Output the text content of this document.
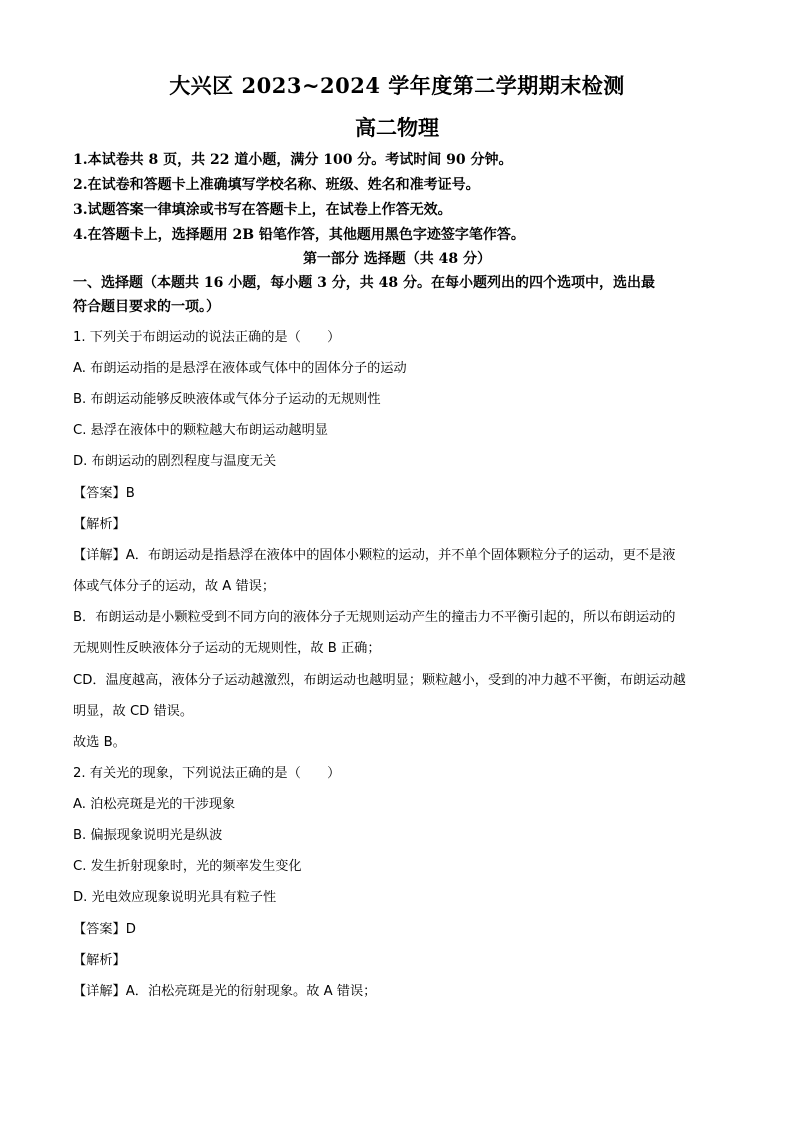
大兴区 2023~2024 学年度第二学期期末检测
高二物理
1.本试卷共 8 页，共 22 道小题，满分 100 分。考试时间 90 分钟。
2.在试卷和答题卡上准确填写学校名称、班级、姓名和准考证号。
3.试题答案一律填涂或书写在答题卡上，在试卷上作答无效。
4.在答题卡上，选择题用 2B 铅笔作答，其他题用黑色字迹签字笔作答。
第一部分 选择题（共 48 分）
一、选择题（本题共 16 小题，每小题 3 分，共 48 分。在每小题列出的四个选项中，选出最
符合题目要求的一项。）
1. 下列关于布朗运动的说法正确的是（　　）
A. 布朗运动指的是悬浮在液体或气体中的固体分子的运动
B. 布朗运动能够反映液体或气体分子运动的无规则性
C. 悬浮在液体中的颗粒越大布朗运动越明显
D. 布朗运动的剧烈程度与温度无关
【答案】B
【解析】
【详解】A．布朗运动是指悬浮在液体中的固体小颗粒的运动，并不单个固体颗粒分子的运动，更不是液
体或气体分子的运动，故 A 错误；
B．布朗运动是小颗粒受到不同方向的液体分子无规则运动产生的撞击力不平衡引起的，所以布朗运动的
无规则性反映液体分子运动的无规则性，故 B 正确；
CD．温度越高，液体分子运动越激烈，布朗运动也越明显；颗粒越小，受到的冲力越不平衡，布朗运动越
明显，故 CD 错误。
故选 B。
2. 有关光的现象，下列说法正确的是（　　）
A. 泊松亮斑是光的干涉现象
B. 偏振现象说明光是纵波
C. 发生折射现象时，光的频率发生变化
D. 光电效应现象说明光具有粒子性
【答案】D
【解析】
【详解】A．泊松亮斑是光的衍射现象。故 A 错误；
